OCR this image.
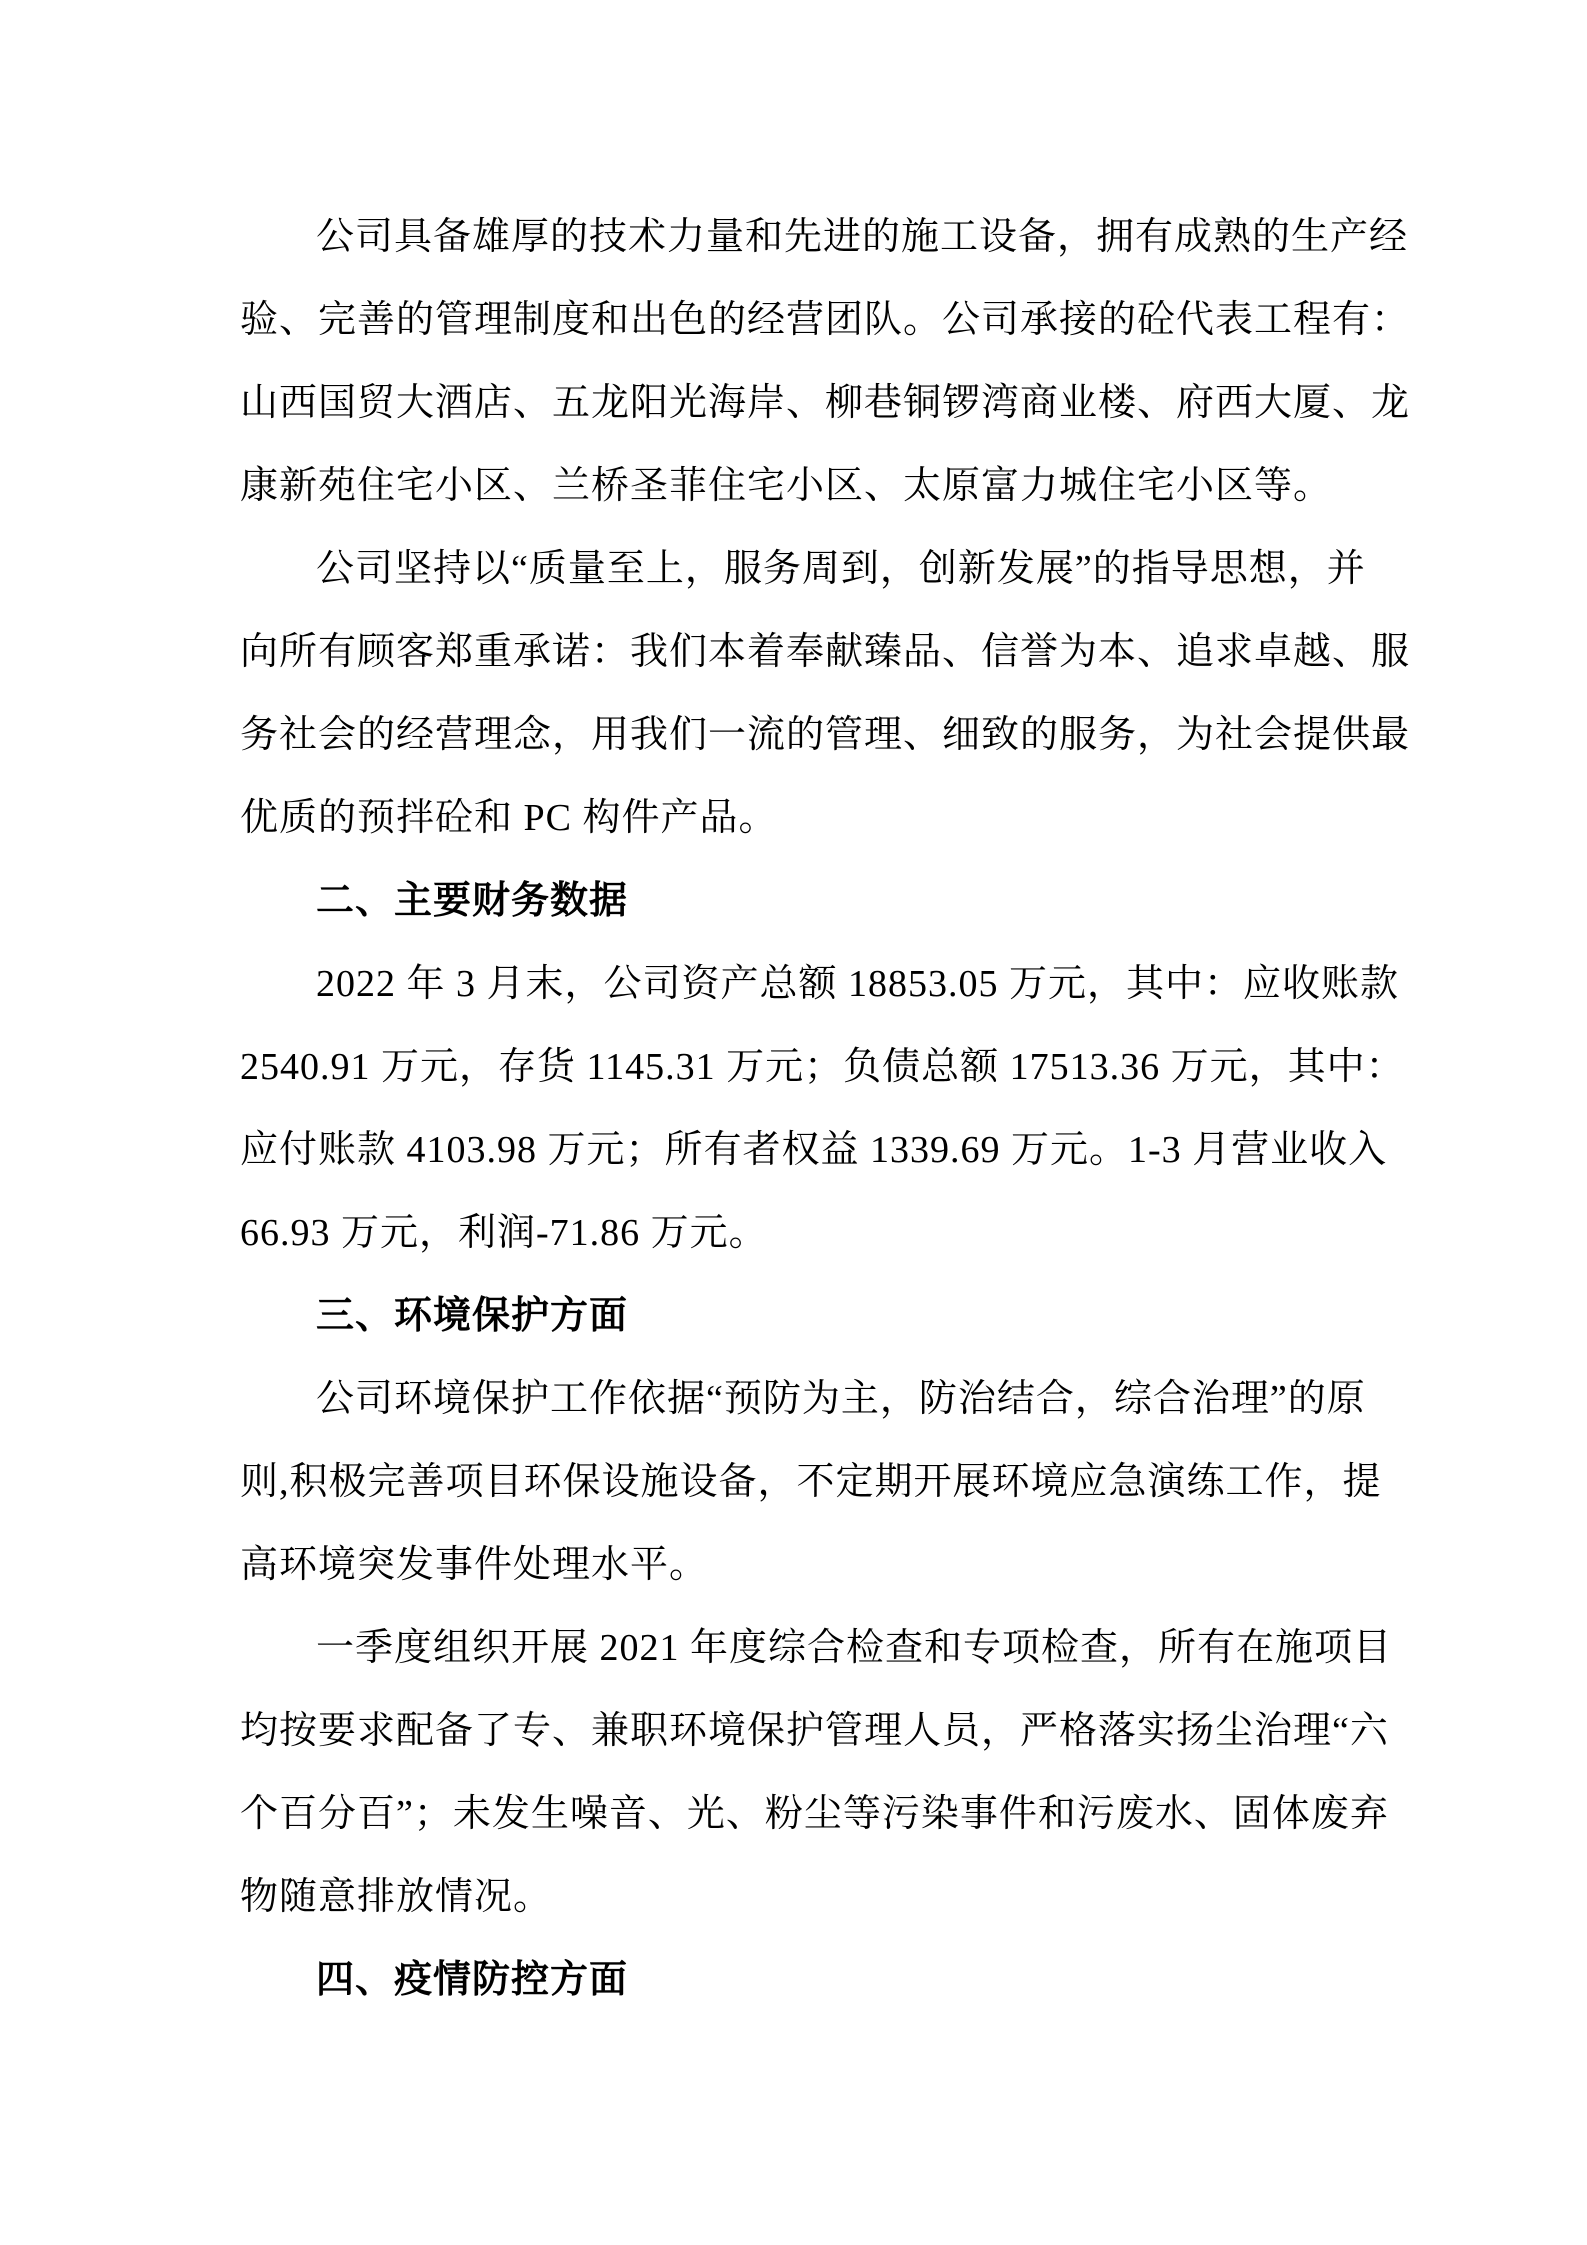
公司具备雄厚的技术力量和先进的施工设备，拥有成熟的生产经
验、完善的管理制度和出色的经营团队。公司承接的砼代表工程有：
山西国贸大酒店、五龙阳光海岸、柳巷铜锣湾商业楼、府西大厦、龙
康新苑住宅小区、兰桥圣菲住宅小区、太原富力城住宅小区等。

公司坚持以“质量至上，服务周到，创新发展”的指导思想，并
向所有顾客郑重承诺：我们本着奉献臻品、信誉为本、追求卓越、服
务社会的经营理念，用我们一流的管理、细致的服务，为社会提供最
优质的预拌砼和 PC 构件产品。

二、主要财务数据

2022 年 3 月末，公司资产总额 18853.05 万元，其中：应收账款
2540.91 万元，存货 1145.31 万元；负债总额 17513.36 万元，其中：
应付账款 4103.98 万元；所有者权益 1339.69 万元。1-3 月营业收入
66.93 万元，利润-71.86 万元。

三、环境保护方面

公司环境保护工作依据“预防为主，防治结合，综合治理”的原
则,积极完善项目环保设施设备，不定期开展环境应急演练工作，提
高环境突发事件处理水平。

一季度组织开展 2021 年度综合检查和专项检查，所有在施项目
均按要求配备了专、兼职环境保护管理人员，严格落实扬尘治理“六
个百分百”；未发生噪音、光、粉尘等污染事件和污废水、固体废弃
物随意排放情况。

四、疫情防控方面
